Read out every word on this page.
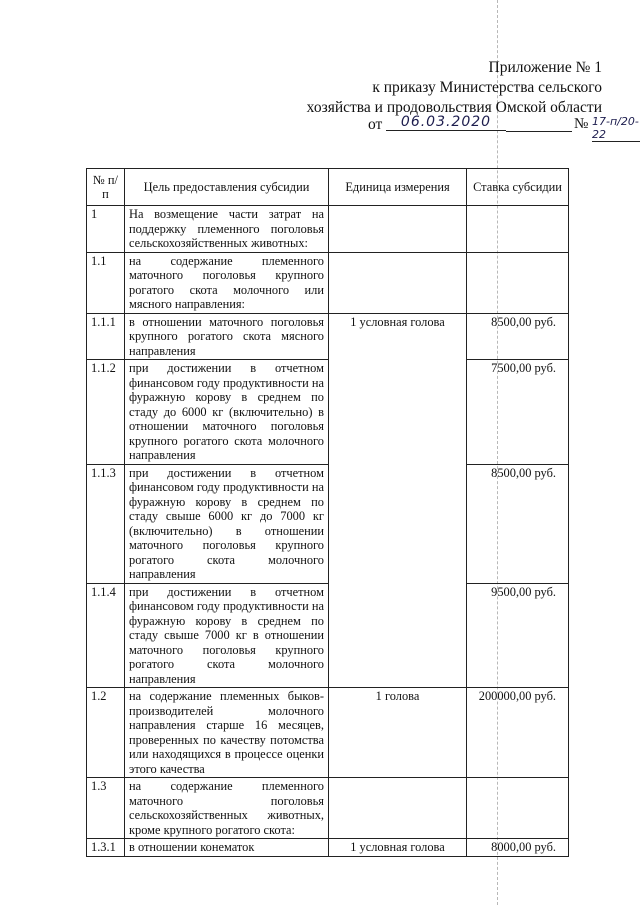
Приложение № 1
к приказу Министерства сельского
хозяйства и продовольствия Омской области
от	06.03.2020	№ 17-п/20-22
№ п/п	Цель предоставления субсидии	Единица измерения	Ставка субсидии
1	На возмещение части затрат на поддержку племенного поголовья сельскохозяйственных животных:		
1.1	на содержание племенного маточного поголовья крупного рогатого скота молочного или мясного направления:		
1.1.1	в отношении маточного поголовья крупного рогатого скота мясного направления	1 условная голова	8500,00 руб.
1.1.2	при достижении в отчетном финансовом году продуктивности на фуражную корову в среднем по стаду до 6000 кг (включительно) в отношении маточного поголовья крупного рогатого скота молочного направления		7500,00 руб.
1.1.3	при достижении в отчетном финансовом году продуктивности на фуражную корову в среднем по стаду свыше 6000 кг до 7000 кг (включительно) в отношении маточного поголовья крупного рогатого скота молочного направления		8500,00 руб.
1.1.4	при достижении в отчетном финансовом году продуктивности на фуражную корову в среднем по стаду свыше 7000 кг в отношении маточного поголовья крупного рогатого скота молочного направления		9500,00 руб.
1.2	на содержание племенных быков-производителей молочного направления старше 16 месяцев, проверенных по качеству потомства или находящихся в процессе оценки этого качества	1 голова	200000,00 руб.
1.3	на содержание племенного маточного поголовья сельскохозяйственных животных, кроме крупного рогатого скота:		
1.3.1	в отношении конематок	1 условная голова	8000,00 руб.
